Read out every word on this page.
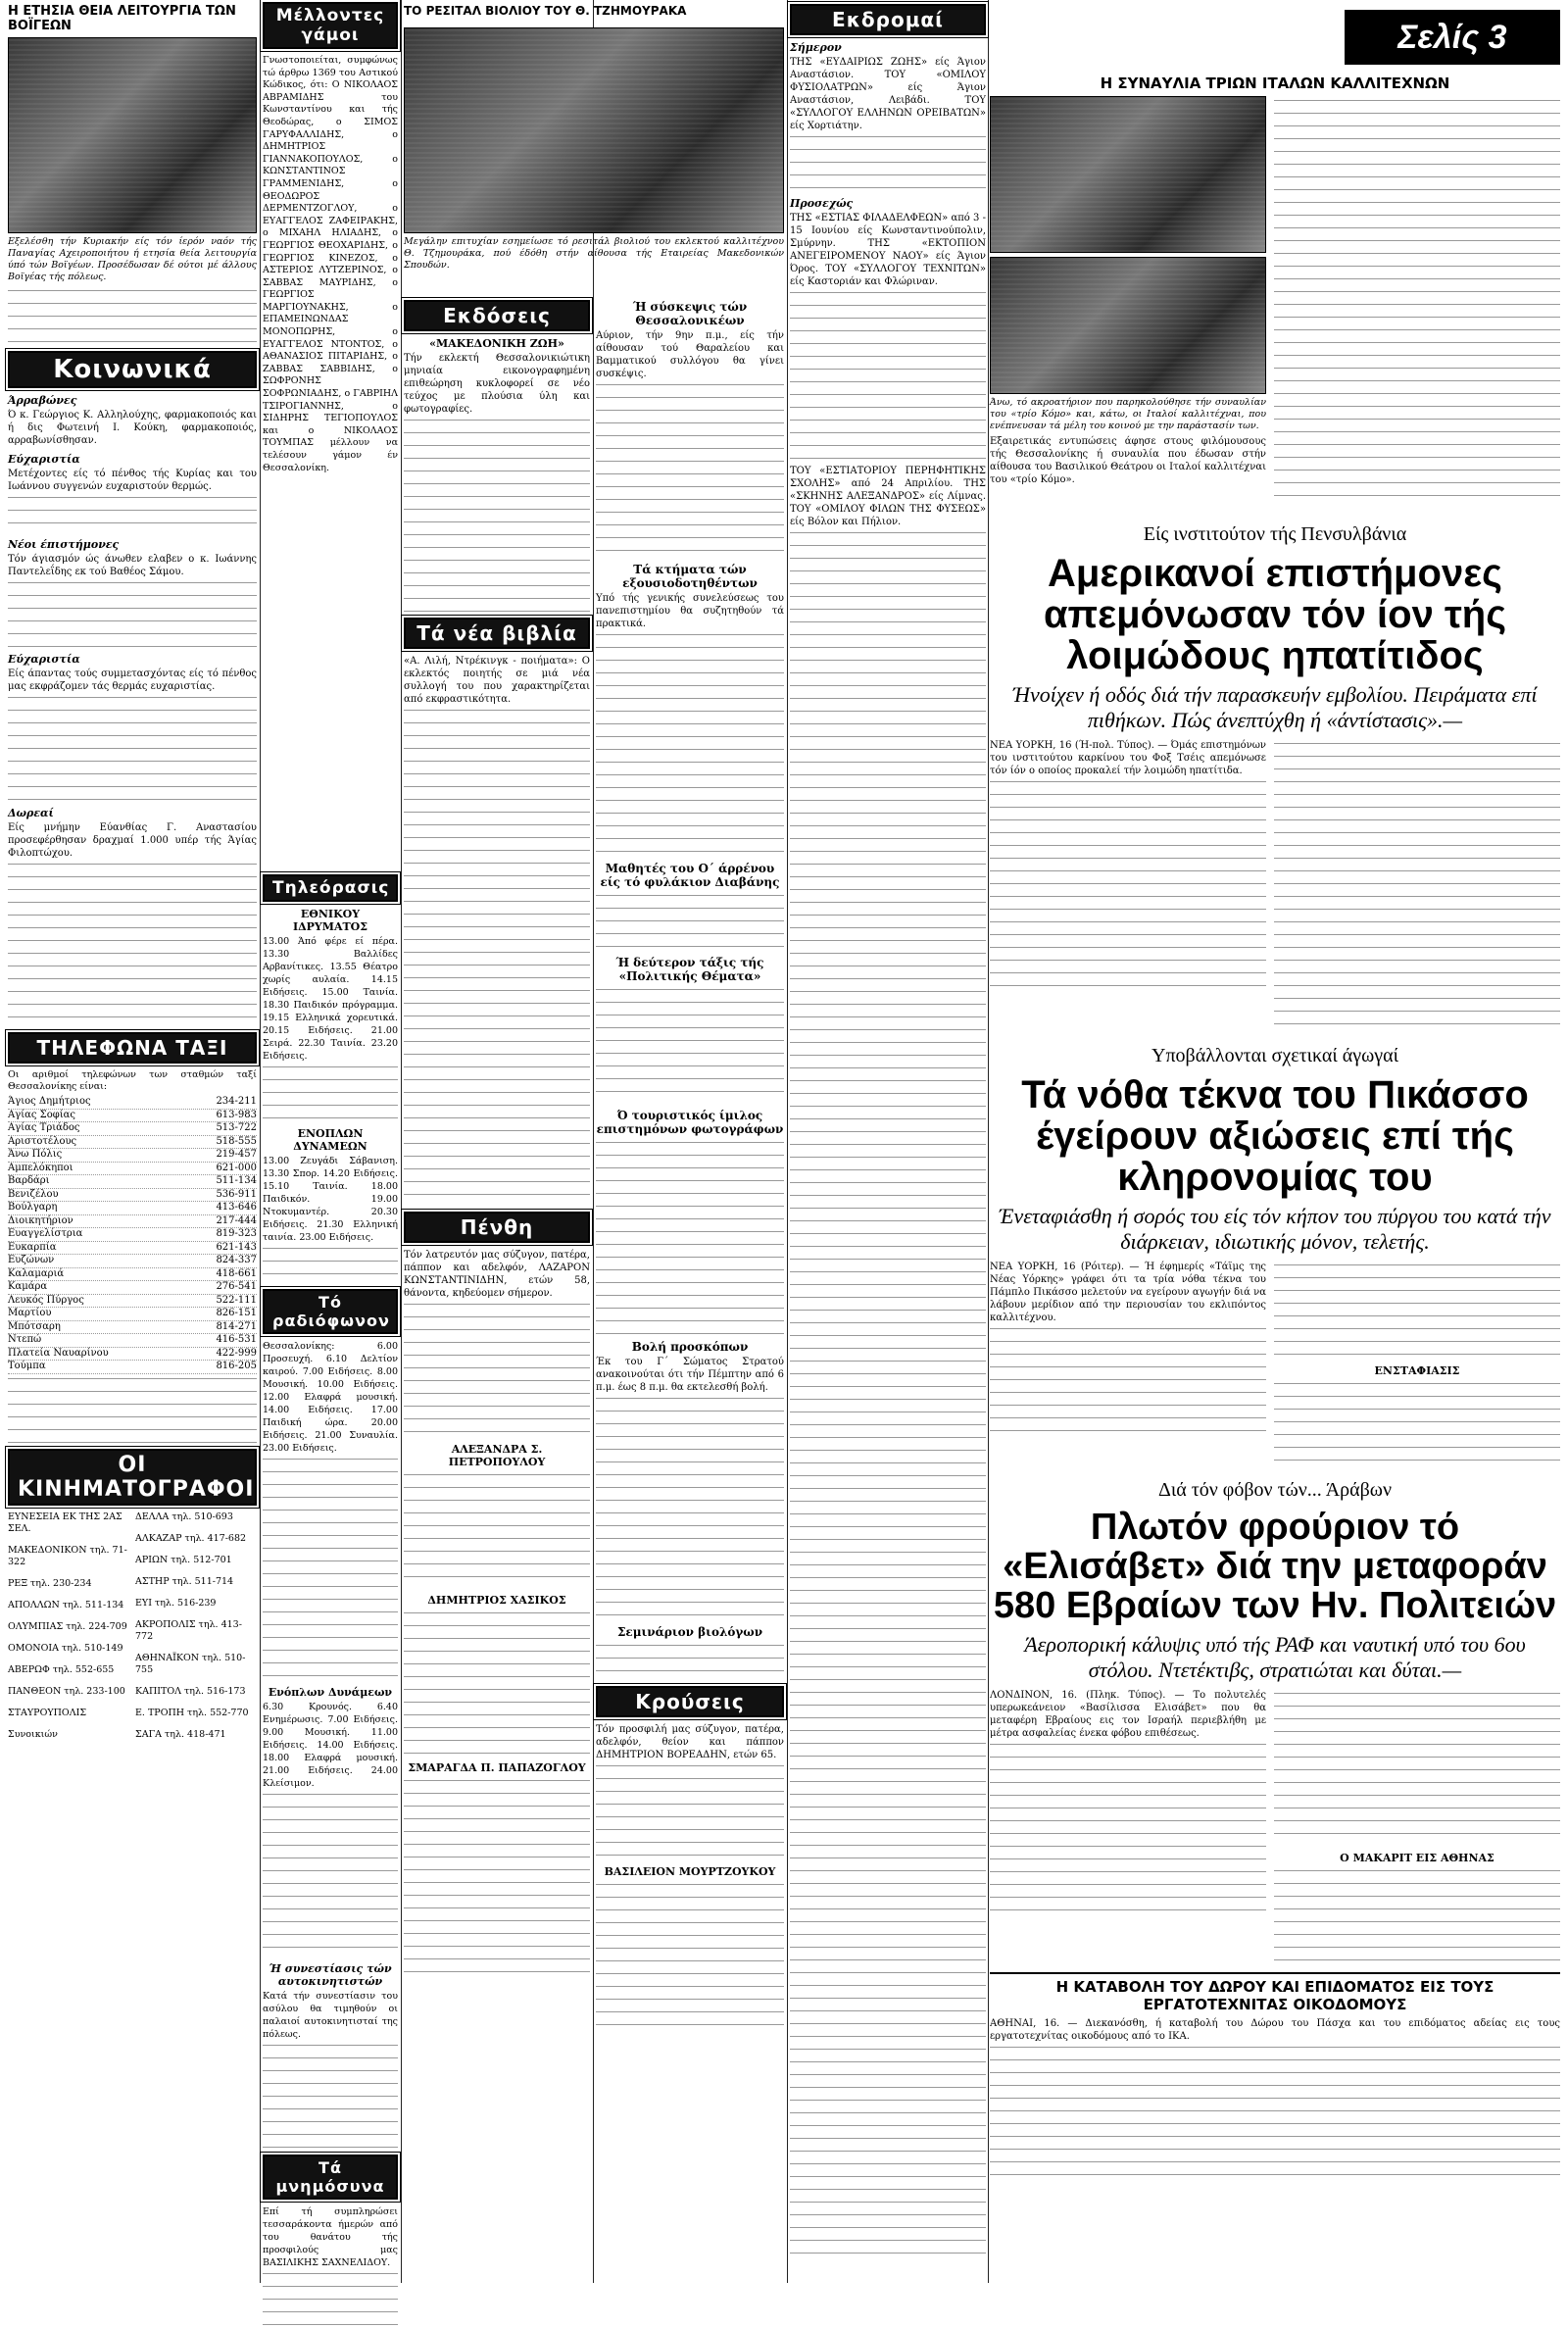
Η ΕΤΗΣΙΑ ΘΕΙΑ ΛΕΙΤΟΥΡΓΙΑ ΤΩΝ ΒΟΪΓΕΩΝ
Εξελέσθη τήν Κυριακήν είς τόν ίερόν ναόν τής Παναγίας Αχειροποιήτου ή ετησία θεία λειτουργία ύπό τών Βοϊγέων. Προσέδωσαν δέ ούτοι μέ άλλους Βοϊγέας τής πόλεως.
Κοινωνικά
Άρραβώνες
Ό κ. Γεώργιος Κ. Αλληλούχης, φαρμακοποιός και ή δις Φωτεινή Ι. Κούκη, φαρμακοποιός, αρραβωνίσθησαν.
Εύχαριστία
Μετέχοντες είς τό πένθος τής Κυρίας και του Ιωάννου συγγενών ευχαριστούν θερμώς.
Νέοι έπιστήμονες
Τόν άγιασμόν ώς άνωθεν ελαβεν ο κ. Ιωάννης Παντελεΐδης εκ τού Βαθέος Σάμου.
Εύχαριστία
Είς άπαντας τούς συμμετασχόντας είς τό πένθος μας εκφράζομεν τάς θερμάς ευχαριστίας.
Δωρεαί
Είς μνήμην Εύανθίας Γ. Αναστασίου προσεφέρθησαν δραχμαί 1.000 υπέρ τής Άγίας Φιλοπτώχου.
ΤΗΛΕΦΩΝΑ ΤΑΞΙ
Οι αριθμοί τηλεφώνων των σταθμών ταξί Θεσσαλονίκης είναι:
Άγιος Δημήτριος	234-211
Αγίας Σοφίας	613-983
Αγίας Τριάδος	513-722
Αριστοτέλους	518-555
Άνω Πόλις	219-457
Αμπελόκηποι	621-000
Βαρδάρι	511-134
Βενιζέλου	536-911
Βούλγαρη	413-646
Διοικητήριον	217-444
Ευαγγελίστρια	819-323
Ευκαρπία	621-143
Ευζώνων	824-337
Καλαμαριά	418-661
Καμάρα	276-541
Λευκός Πύργος	522-111
Μαρτίου	826-151
Μπότσαρη	814-271
Ντεπώ	416-531
Πλατεία Ναυαρίνου	422-999
Τούμπα	816-205
ΟΙ ΚΙΝΗΜΑΤΟΓΡΑΦΟΙ
ΕΥΝΕΣΕΙΑ ΕΚ ΤΗΣ 2ΑΣ ΣΕΛ.
ΜΑΚΕΔΟΝΙΚΟΝ τηλ. 71-322
ΡΕΞ τηλ. 230-234
ΑΠΟΛΛΩΝ τηλ. 511-134
ΟΛΥΜΠΙΑΣ τηλ. 224-709
ΟΜΟΝΟΙΑ τηλ. 510-149
ΑΒΕΡΩΦ τηλ. 552-655
ΠΑΝΘΕΟΝ τηλ. 233-100
ΣΤΑΥΡΟΥΠΟΛΙΣ
Συνοικιών
ΔΕΛΛΑ τηλ. 510-693
ΑΛΚΑΖΑΡ τηλ. 417-682
ΑΡΙΩΝ τηλ. 512-701
ΑΣΤΗΡ τηλ. 511-714
ΕΥΙ τηλ. 516-239
ΑΚΡΟΠΟΛΙΣ τηλ. 413-772
ΑΘΗΝΑΪΚΟΝ τηλ. 510-755
ΚΑΠΙΤΟΛ τηλ. 516-173
Ε. ΤΡΟΠΗ τηλ. 552-770
ΣΑΓΑ τηλ. 418-471
Μέλλοντες γάμοι
Γνωστοποιείται, συμφώνως τώ άρθρω 1369 του Αστικού Κώδικος, ότι: Ο ΝΙΚΟΛΑΟΣ ΑΒΡΑΜΙΔΗΣ του Κωνσταντίνου και τής Θεοδώρας, ο ΣΙΜΟΣ ΓΑΡΥΦΑΛΛΙΔΗΣ, ο ΔΗΜΗΤΡΙΟΣ ΓΙΑΝΝΑΚΟΠΟΥΛΟΣ, ο ΚΩΝΣΤΑΝΤΙΝΟΣ ΓΡΑΜΜΕΝΙΔΗΣ, ο ΘΕΟΔΩΡΟΣ ΔΕΡΜΕΝΤΖΟΓΛΟΥ, ο ΕΥΑΓΓΕΛΟΣ ΖΑΦΕΙΡΑΚΗΣ, ο ΜΙΧΑΗΛ ΗΛΙΑΔΗΣ, ο ΓΕΩΡΓΙΟΣ ΘΕΟΧΑΡΙΔΗΣ, ο ΓΕΩΡΓΙΟΣ ΚΙΝΕΖΟΣ, ο ΑΣΤΕΡΙΟΣ ΛΥΤΖΕΡΙΝΟΣ, ο ΣΑΒΒΑΣ ΜΑΥΡΙΔΗΣ, ο ΓΕΩΡΓΙΟΣ ΜΑΡΓΙΟΥΝΑΚΗΣ, ο ΕΠΑΜΕΙΝΩΝΔΑΣ ΜΟΝΟΠΩΡΗΣ, ο ΕΥΑΓΓΕΛΟΣ ΝΤΟΝΤΟΣ, ο ΑΘΑΝΑΣΙΟΣ ΠΙΤΑΡΙΔΗΣ, ο ΖΑΒΒΑΣ ΣΑΒΒΙΔΗΣ, ο ΣΩΦΡΟΝΗΣ ΣΟΦΡΩΝΙΑΔΗΣ, ο ΓΑΒΡΙΗΛ ΤΣΙΡΟΓΙΑΝΝΗΣ, ο ΣΙΔΗΡΗΣ ΤΕΓΙΟΠΟΥΛΟΣ και ο ΝΙΚΟΛΑΟΣ ΤΟΥΜΠΑΣ μέλλουν να τελέσουν γάμον έν Θεσσαλονίκη.
Τηλεόρασις
ΕΘΝΙΚΟΥ ΙΔΡΥΜΑΤΟΣ
13.00 Άπό φέρε εί πέρα. 13.30 Βαλλίδες Αρβανίτικες. 13.55 Θέατρο χωρίς αυλαία. 14.15 Ειδήσεις. 15.00 Ταινία. 18.30 Παιδικόν πρόγραμμα. 19.15 Ελληνικά χορευτικά. 20.15 Ειδήσεις. 21.00 Σειρά. 22.30 Ταινία. 23.20 Ειδήσεις.
ΕΝΟΠΛΩΝ ΔΥΝΑΜΕΩΝ
13.00 Ζευγάδι Σάβανιση. 13.30 Σπορ. 14.20 Ειδήσεις. 15.10 Ταινία. 18.00 Παιδικόν. 19.00 Ντοκυμαντέρ. 20.30 Ειδήσεις. 21.30 Ελληνική ταινία. 23.00 Ειδήσεις.
Τό ραδιόφωνον
Θεσσαλονίκης: 6.00 Προσευχή. 6.10 Δελτίον καιρού. 7.00 Ειδήσεις. 8.00 Μουσική. 10.00 Ειδήσεις. 12.00 Ελαφρά μουσική. 14.00 Ειδήσεις. 17.00 Παιδική ώρα. 20.00 Ειδήσεις. 21.00 Συναυλία. 23.00 Ειδήσεις.
Ενόπλων Δυνάμεων
6.30 Κρουνός. 6.40 Ενημέρωσις. 7.00 Ειδήσεις. 9.00 Μουσική. 11.00 Ειδήσεις. 14.00 Ειδήσεις. 18.00 Ελαφρά μουσική. 21.00 Ειδήσεις. 24.00 Κλείσιμον.
Ή συνεστίασις τών αυτοκινητιστών
Κατά τήν συνεστίασιν του ασύλου θα τιμηθούν οι παλαιοί αυτοκινητισταί της πόλεως.
Τά μνημόσυνα
Επί τή συμπληρώσει τεσσαράκοντα ήμερών από του θανάτου τής προσφιλούς μας ΒΑΣΙΛΙΚΗΣ ΣΑΧΝΕΛΙΔΟΥ.
ΤΟ ΡΕΣΙΤΑΛ ΒΙΟΛΙΟΥ ΤΟΥ Θ. ΤΖΗΜΟΥΡΑΚΑ
Μεγάλην επιτυχίαν εσημείωσε τό ρεσιτάλ βιολιού του εκλεκτού καλλιτέχνου Θ. Τζημουράκα, πού έδόθη στήν αίθουσα τής Εταιρείας Μακεδονικών Σπουδών.
Εκδόσεις
«ΜΑΚΕΔΟΝΙΚΗ ΖΩΗ»
Τήν εκλεκτή Θεσσαλονικιώτικη μηνιαία εικονογραφημένη επιθεώρηση κυκλοφορεί σε νέο τεύχος με πλούσια ύλη και φωτογραφίες.
Τά νέα βιβλία
«Α. Λιλή, Ντρέκινγκ - ποιήματα»: Ο εκλεκτός ποιητής σε μιά νέα συλλογή του που χαρακτηρίζεται από εκφραστικότητα.
Πένθη
Τόν λατρευτόν μας σύζυγον, πατέρα, πάππον και αδελφόν, ΛΑΖΑΡΟΝ ΚΩΝΣΤΑΝΤΙΝΙΔΗΝ, ετών 58, θάνοντα, κηδεύομεν σήμερον.
ΑΛΕΞΑΝΔΡΑ Σ. ΠΕΤΡΟΠΟΥΛΟΥ
ΔΗΜΗΤΡΙΟΣ ΧΑΣΙΚΟΣ
ΣΜΑΡΑΓΔΑ Π. ΠΑΠΑΖΟΓΛΟΥ
Ή σύσκεψις τών Θεσσαλονικέων
Αύριον, τήν 9ην π.μ., είς τήν αίθουσαν τού Θαραλείου και Βαμματικού συλλόγου θα γίνει συσκέψις.
Τά κτήματα τών εξουσιοδοτηθέντων
Υπό τής γενικής συνελεύσεως του πανεπιστημίου θα συζητηθούν τά πρακτικά.
Μαθητές του Ο΄ άρρένου είς τό φυλάκιον Διαβάνης
Ή δεύτερον τάξις τής «Πολιτικής Θέματα»
Ό τουριστικός ίμιλος επιστημόνων φωτογράφων
Βολή προσκόπων
Έκ του Γ΄ Σώματος Στρατού ανακοινούται ότι τήν Πέμπτην από 6 π.μ. έως 8 π.μ. θα εκτελεσθή βολή.
Σεμινάριον βιολόγων
Κρούσεις
Τόν προσφιλή μας σύζυγον, πατέρα, αδελφόν, θείον και πάππον ΔΗΜΗΤΡΙΟΝ ΒΟΡΕΑΔΗΝ, ετών 65.
ΒΑΣΙΛΕΙΟΝ ΜΟΥΡΤΖΟΥΚΟΥ
Εκδρομαί
Σήμερον
ΤΗΣ «ΕΥΔΑΙΡΙΩΣ ΖΩΗΣ» είς Άγιον Αναστάσιον. ΤΟΥ «ΟΜΙΛΟΥ ΦΥΣΙΟΛΑΤΡΩΝ» είς Άγιον Αναστάσιον, Λειβάδι. ΤΟΥ «ΣΥΛΛΟΓΟΥ ΕΛΛΗΝΩΝ ΟΡΕΙΒΑΤΩΝ» είς Χορτιάτην.
Προσεχώς
ΤΗΣ «ΕΣΤΙΑΣ ΦΙΛΑΔΕΛΦΕΩΝ» από 3 - 15 Ιουνίου είς Κωνσταντινούπολιν, Σμύρνην. ΤΗΣ «ΕΚΤΟΠΙΟΝ ΑΝΕΓΕΙΡΟΜΕΝΟΥ ΝΑΟΥ» είς Άγιον Όρος. ΤΟΥ «ΣΥΛΛΟΓΟΥ ΤΕΧΝΙΤΩΝ» είς Καστοριάν και Φλώριναν.
ΤΟΥ «ΕΣΤΙΑΤΟΡΙΟΥ ΠΕΡΗΦΗΤΙΚΗΣ ΣΧΟΛΗΣ» από 24 Απριλίου. ΤΗΣ «ΣΚΗΝΗΣ ΑΛΕΞΑΝΔΡΟΣ» είς Λίμνας. ΤΟΥ «ΟΜΙΛΟΥ ΦΙΛΩΝ ΤΗΣ ΦΥΣΕΩΣ» είς Βόλον και Πήλιον.
Σελίς 3
Η ΣΥΝΑΥΛΙΑ ΤΡΙΩΝ ΙΤΑΛΩΝ ΚΑΛΛΙΤΕΧΝΩΝ
Άνω, τό ακροατήριον που παρηκολούθησε τήν συναυλίαν του «τρίο Κόμο» και, κάτω, οι Ιταλοί καλλιτέχναι, που ενέπνευσαν τά μέλη του κοινού με την παράστασίν των.
Εξαιρετικάς εντυπώσεις άφησε στους φιλόμουσους τής Θεσσαλονίκης ή συναυλία που έδωσαν στήν αίθουσα του Βασιλικού Θεάτρου οι Ιταλοί καλλιτέχναι του «τρίο Κόμο».
Είς ινστιτούτον τής Πενσυλβάνια
Αμερικανοί επιστήμονες απεμόνωσαν τόν ίον τής λοιμώδους ηπατίτιδος
Ήνοίχεν ή οδός διά τήν παρασκευήν εμβολίου. Πειράματα επί πιθήκων. Πώς άνεπτύχθη ή «άντίστασις».—
ΝΕΑ ΥΟΡΚΗ, 16 (Ή-πολ. Τύπος). — Όμάς επιστημόνων του ινστιτούτου καρκίνου του Φοξ Τσέις απεμόνωσε τόν ίόν ο οποίος προκαλεί τήν λοιμώδη ηπατίτιδα.
Υποβάλλονται σχετικαί άγωγαί
Τά νόθα τέκνα του Πικάσσο έγείρουν αξιώσεις επί τής κληρονομίας του
Ένεταφιάσθη ή σορός του είς τόν κήπον του πύργου του κατά τήν διάρκειαν, ιδιωτικής μόνον, τελετής.
ΝΕΑ ΥΟΡΚΗ, 16 (Ρόιτερ). — Ή έφημερίς «Τάϊμς της Νέας Υόρκης» γράφει ότι τα τρία νόθα τέκνα του Πάμπλο Πικάσσο μελετούν να εγείρουν αγωγήν διά να λάβουν μερίδιον από την περιουσίαν του εκλιπόντος καλλιτέχνου.
ΕΝΣΤΑΦΙΑΣΙΣ
Διά τόν φόβον τών... Άράβων
Πλωτόν φρούριον τό «Ελισάβετ» διά την μεταφοράν 580 Εβραίων των Ην. Πολιτειών
Άεροπορική κάλυψις υπό τής ΡΑΦ και ναυτική υπό του 6ου στόλου. Ντετέκτιβς, στρατιώται και δύται.—
ΛΟΝΔΙΝΟΝ, 16. (Πληκ. Τύπος). — Το πολυτελές υπερωκεάνειον «Βασίλισσα Ελισάβετ» που θα μεταφέρη Εβραίους εις τον Ισραήλ περιεβλήθη με μέτρα ασφαλείας ένεκα φόβου επιθέσεως.
Ο ΜΑΚΑΡΙΤ ΕΙΣ ΑΘΗΝΑΣ
Η ΚΑΤΑΒΟΛΗ ΤΟΥ ΔΩΡΟΥ ΚΑΙ ΕΠΙΔΟΜΑΤΟΣ ΕΙΣ ΤΟΥΣ ΕΡΓΑΤΟΤΕΧΝΙΤΑΣ ΟΙΚΟΔΟΜΟΥΣ
ΑΘΗΝΑΙ, 16. — Διεκανόσθη, ή καταβολή του Δώρου του Πάσχα και του επιδόματος αδείας εις τους εργατοτεχνίτας οικοδόμους από το ΙΚΑ.
